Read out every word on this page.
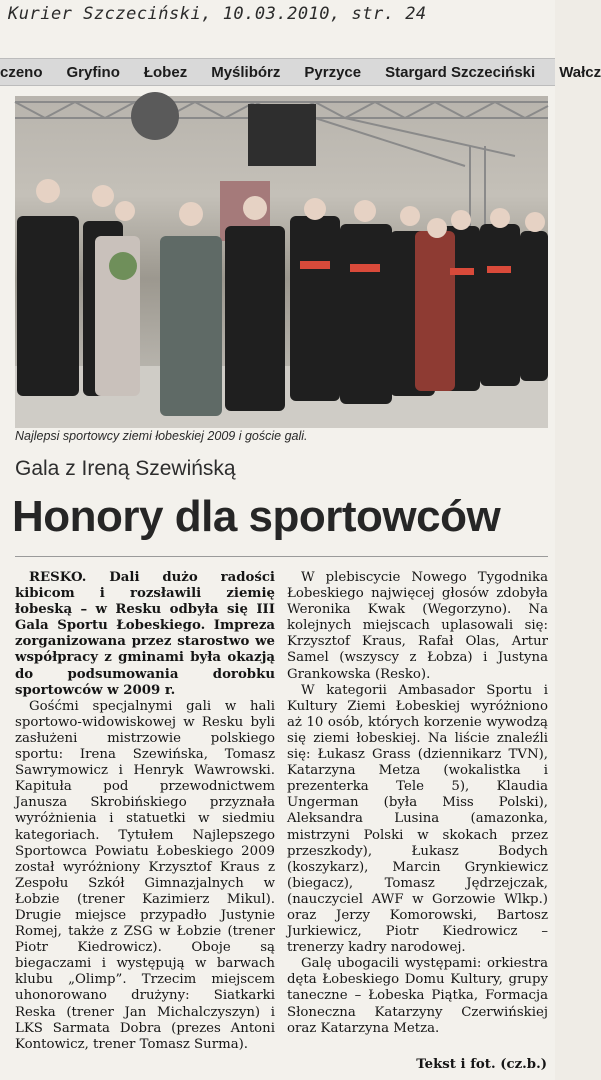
Kurier Szczeciński, 10.03.2010, str. 24
czeno Gryfino Łobez Myślibórz Pyrzyce Stargard Szczeciński Wałcz
Najlepsi sportowcy ziemi łobeskiej 2009 i goście gali.
Gala z Ireną Szewińską
Honory dla sportowców

RESKO. Dali dużo radości kibicom i rozsławili ziemię łobeską – w Resku odbyła się III Gala Sportu Łobeskiego. Impreza zorganizowana przez starostwo we współpracy z gminami była okazją do podsumowania dorobku sportowców w 2009 r.

Gośćmi specjalnymi gali w hali sportowo-widowiskowej w Resku byli zasłużeni mistrzowie polskiego sportu: Irena Szewińska, Tomasz Sawrymowicz i Henryk Wawrowski. Kapituła pod przewodnictwem Janusza Skrobińskiego przyznała wyróżnienia i statuetki w siedmiu kategoriach. Tytułem Najlepszego Sportowca Powiatu Łobeskiego 2009 został wyróżniony Krzysztof Kraus z Zespołu Szkół Gimnazjalnych w Łobzie (trener Kazimierz Mikul). Drugie miejsce przypadło Justynie Romej, także z ZSG w Łobzie (trener Piotr Kiedrowicz). Oboje są biegaczami i występują w barwach klubu „Olimp”. Trzecim miejscem uhonorowano drużyny: Siatkarki Reska (trener Jan Michalczyszyn) i LKS Sarmata Dobra (prezes Antoni Kontowicz, trener Tomasz Surma).

W plebiscycie Nowego Tygodnika Łobeskiego najwięcej głosów zdobyła Weronika Kwak (Wegorzyno). Na kolejnych miejscach uplasowali się: Krzysztof Kraus, Rafał Olas, Artur Samel (wszyscy z Łobza) i Justyna Grankowska (Resko).

W kategorii Ambasador Sportu i Kultury Ziemi Łobeskiej wyróżniono aż 10 osób, których korzenie wywodzą się ziemi łobeskiej. Na liście znaleźli się: Łukasz Grass (dziennikarz TVN), Katarzyna Metza (wokalistka i prezenterka Tele 5), Klaudia Ungerman (była Miss Polski), Aleksandra Lusina (amazonka, mistrzyni Polski w skokach przez przeszkody), Łukasz Bodych (koszykarz), Marcin Grynkiewicz (biegacz), Tomasz Jędrzejczak, (nauczyciel AWF w Gorzowie Wlkp.) oraz Jerzy Komorowski, Bartosz Jurkiewicz, Piotr Kiedrowicz – trenerzy kadry narodowej.

Galę ubogacili występami: orkiestra dęta Łobeskiego Domu Kultury, grupy taneczne – Łobeska Piątka, Formacja Słoneczna Katarzyny Czerwińskiej oraz Katarzyna Metza.

Tekst i fot. (cz.b.)
